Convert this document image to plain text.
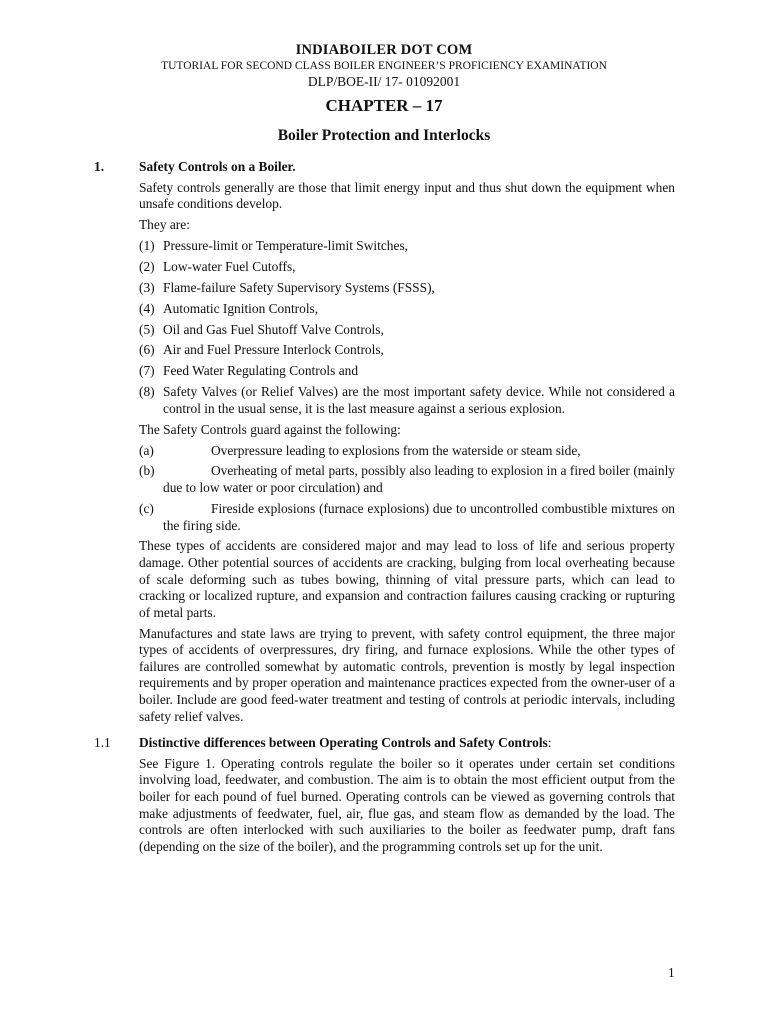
INDIABOILER DOT COM
TUTORIAL FOR SECOND CLASS BOILER ENGINEER’S PROFICIENCY EXAMINATION
DLP/BOE-II/ 17- 01092001
CHAPTER – 17
Boiler Protection and Interlocks
1.	Safety Controls on a Boiler.
Safety controls generally are those that limit energy input and thus shut down the equipment when unsafe conditions develop.
They are:
(1) Pressure-limit or Temperature-limit Switches,
(2) Low-water Fuel Cutoffs,
(3) Flame-failure Safety Supervisory Systems (FSSS),
(4) Automatic Ignition Controls,
(5) Oil and Gas Fuel Shutoff Valve Controls,
(6) Air and Fuel Pressure Interlock Controls,
(7) Feed Water Regulating Controls and
(8) Safety Valves (or Relief Valves) are the most important safety device. While not considered a control in the usual sense, it is the last measure against a serious explosion.
The Safety Controls guard against the following:
(a)	Overpressure leading to explosions from the waterside or steam side,
(b)	Overheating of metal parts, possibly also leading to explosion in a fired boiler (mainly due to low water or poor circulation) and
(c)	Fireside explosions (furnace explosions) due to uncontrolled combustible mixtures on the firing side.
These types of accidents are considered major and may lead to loss of life and serious property damage. Other potential sources of accidents are cracking, bulging from local overheating because of scale deforming such as tubes bowing, thinning of vital pressure parts, which can lead to cracking or localized rupture, and expansion and contraction failures causing cracking or rupturing of metal parts.
Manufactures and state laws are trying to prevent, with safety control equipment, the three major types of accidents of overpressures, dry firing, and furnace explosions. While the other types of failures are controlled somewhat by automatic controls, prevention is mostly by legal inspection requirements and by proper operation and maintenance practices expected from the owner-user of a boiler. Include are good feed-water treatment and testing of controls at periodic intervals, including safety relief valves.
1.1	Distinctive differences between Operating Controls and Safety Controls:
See Figure 1. Operating controls regulate the boiler so it operates under certain set conditions involving load, feedwater, and combustion. The aim is to obtain the most efficient output from the boiler for each pound of fuel burned. Operating controls can be viewed as governing controls that make adjustments of feedwater, fuel, air, flue gas, and steam flow as demanded by the load. The controls are often interlocked with such auxiliaries to the boiler as feedwater pump, draft fans (depending on the size of the boiler), and the programming controls set up for the unit.
1
